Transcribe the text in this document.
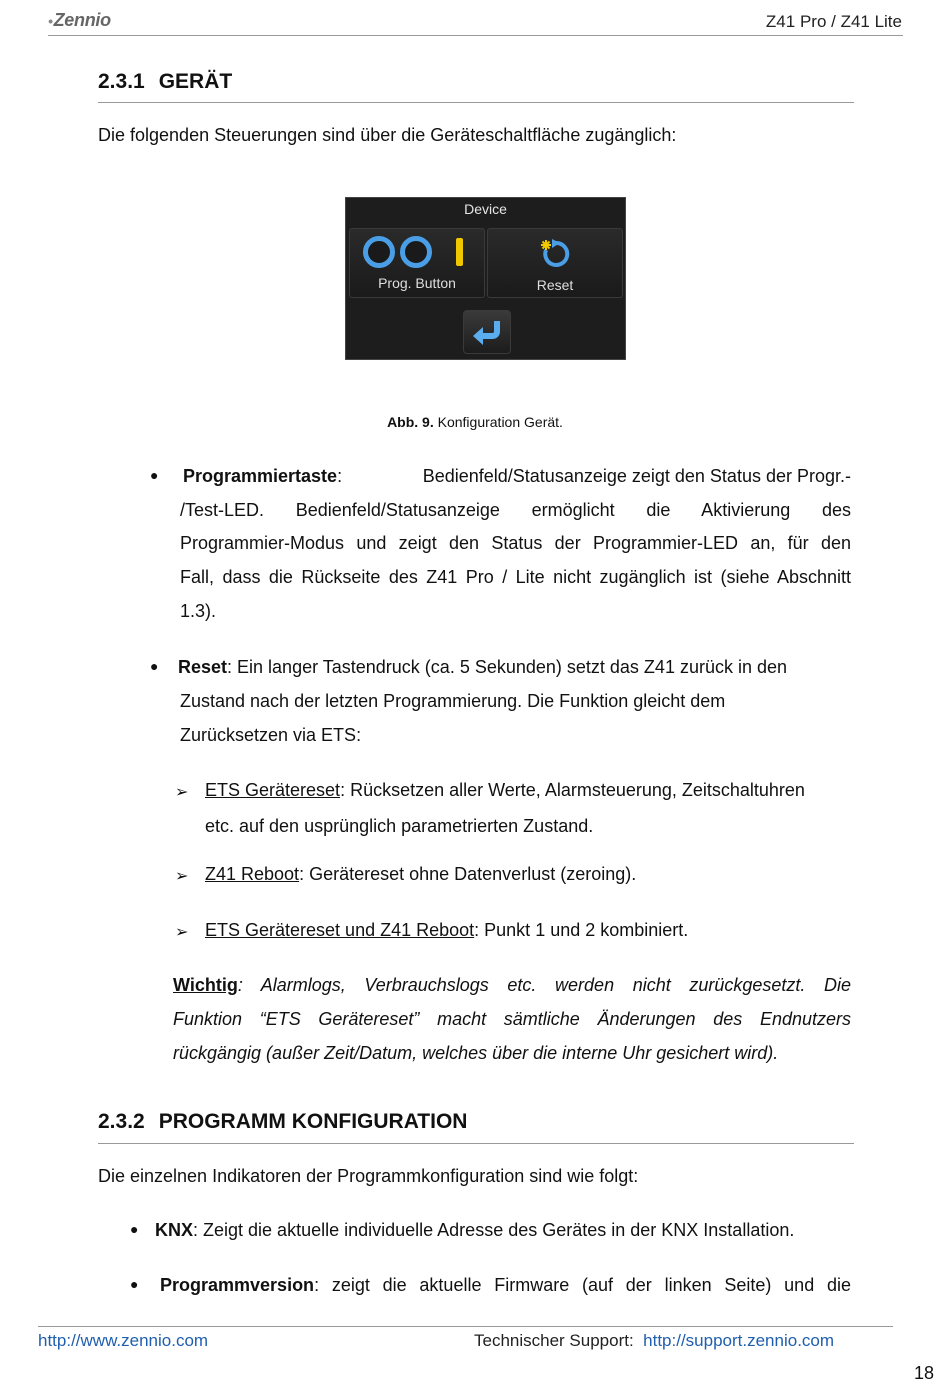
•Zennio	Z41 Pro / Z41 Lite
2.3.1 GERÄT
Die folgenden Steuerungen sind über die Geräteschaltfläche zugänglich:
Device
Prog. Button	Reset
Abb. 9. Konfiguration Gerät.
● Programmiertaste:	Bedienfeld/Statusanzeige zeigt den Status der Progr.-
/Test-LED. Bedienfeld/Statusanzeige ermöglicht die Aktivierung des
Programmier-Modus und zeigt den Status der Programmier-LED an, für den
Fall, dass die Rückseite des Z41 Pro / Lite nicht zugänglich ist (siehe Abschnitt
1.3).
● Reset: Ein langer Tastendruck (ca. 5 Sekunden) setzt das Z41 zurück in den
Zustand nach der letzten Programmierung. Die Funktion gleicht dem
Zurücksetzen via ETS:
➢ ETS Gerätereset: Rücksetzen aller Werte, Alarmsteuerung, Zeitschaltuhren
etc. auf den usprünglich parametrierten Zustand.
➢ Z41 Reboot: Gerätereset ohne Datenverlust (zeroing).
➢ ETS Gerätereset und Z41 Reboot: Punkt 1 und 2 kombiniert.
Wichtig: Alarmlogs, Verbrauchslogs etc. werden nicht zurückgesetzt. Die
Funktion “ETS Gerätereset” macht sämtliche Änderungen des Endnutzers
rückgängig (außer Zeit/Datum, welches über die interne Uhr gesichert wird).
2.3.2 PROGRAMM KONFIGURATION
Die einzelnen Indikatoren der Programmkonfiguration sind wie folgt:
● KNX: Zeigt die aktuelle individuelle Adresse des Gerätes in der KNX Installation.
● Programmversion: zeigt die aktuelle Firmware (auf der linken Seite) und die
http://www.zennio.com	Technischer Support: http://support.zennio.com
18
